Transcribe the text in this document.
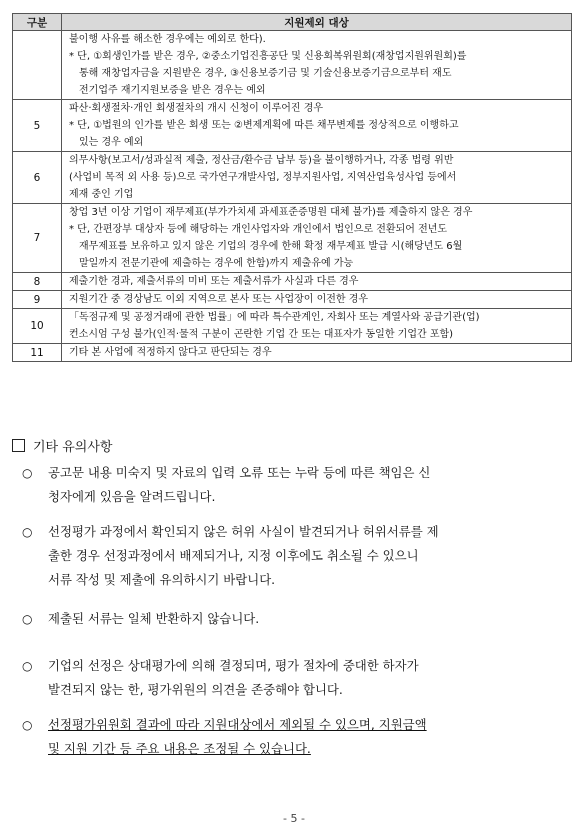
구분	지원제외 대상

	불이행 사유를 해소한 경우에는 예외로 한다).
* 단, ①회생인가를 받은 경우, ②중소기업진흥공단 및 신용회복위원회(재창업지원위원회)를
통해 재창업자금을 지원받은 경우, ③신용보증기금 및 기술신용보증기금으로부터 재도
전기업주 재기지원보증을 받은 경우는 예외

5	파산·회생절차·개인 회생절차의 개시 신청이 이루어진 경우
* 단, ①법원의 인가를 받은 회생 또는 ②변제계획에 따른 채무변제를 정상적으로 이행하고
있는 경우 예외

6	의무사항(보고서/성과실적 제출, 정산금/환수금 납부 등)을 불이행하거나, 각종 법령 위반
(사업비 목적 외 사용 등)으로 국가연구개발사업, 정부지원사업, 지역산업육성사업 등에서
제재 중인 기업

7	창업 3년 이상 기업이 재무제표(부가가치세 과세표준증명원 대체 불가)를 제출하지 않은 경우
* 단, 간편장부 대상자 등에 해당하는 개인사업자와 개인에서 법인으로 전환되어 전년도
재무제표를 보유하고 있지 않은 기업의 경우에 한해 확정 재무제표 발급 시(해당년도 6월
말일까지 전문기관에 제출하는 경우에 한함)까지 제출유예 가능

8	제출기한 경과, 제출서류의 미비 또는 제출서류가 사실과 다른 경우

9	지원기간 중 경상남도 이외 지역으로 본사 또는 사업장이 이전한 경우

10	「독점규제 및 공정거래에 관한 법률」에 따라 특수관계인, 자회사 또는 계열사와 공급기관(업)
컨소시엄 구성 불가(인적·물적 구분이 곤란한 기업 간 또는 대표자가 동일한 기업간 포함)

11	기타 본 사업에 적정하지 않다고 판단되는 경우
기타 유의사항
○ 공고문 내용 미숙지 및 자료의 입력 오류 또는 누락 등에 따른 책임은 신
청자에게 있음을 알려드립니다.
○ 선정평가 과정에서 확인되지 않은 허위 사실이 발견되거나 허위서류를 제
출한 경우 선정과정에서 배제되거나, 지정 이후에도 취소될 수 있으니
서류 작성 및 제출에 유의하시기 바랍니다.
○ 제출된 서류는 일체 반환하지 않습니다.
○ 기업의 선정은 상대평가에 의해 결정되며, 평가 절차에 중대한 하자가
발견되지 않는 한, 평가위원의 의견을 존중해야 합니다.
○ 선정평가위원회 결과에 따라 지원대상에서 제외될 수 있으며, 지원금액
및 지원 기간 등 주요 내용은 조정될 수 있습니다.
- 5 -
